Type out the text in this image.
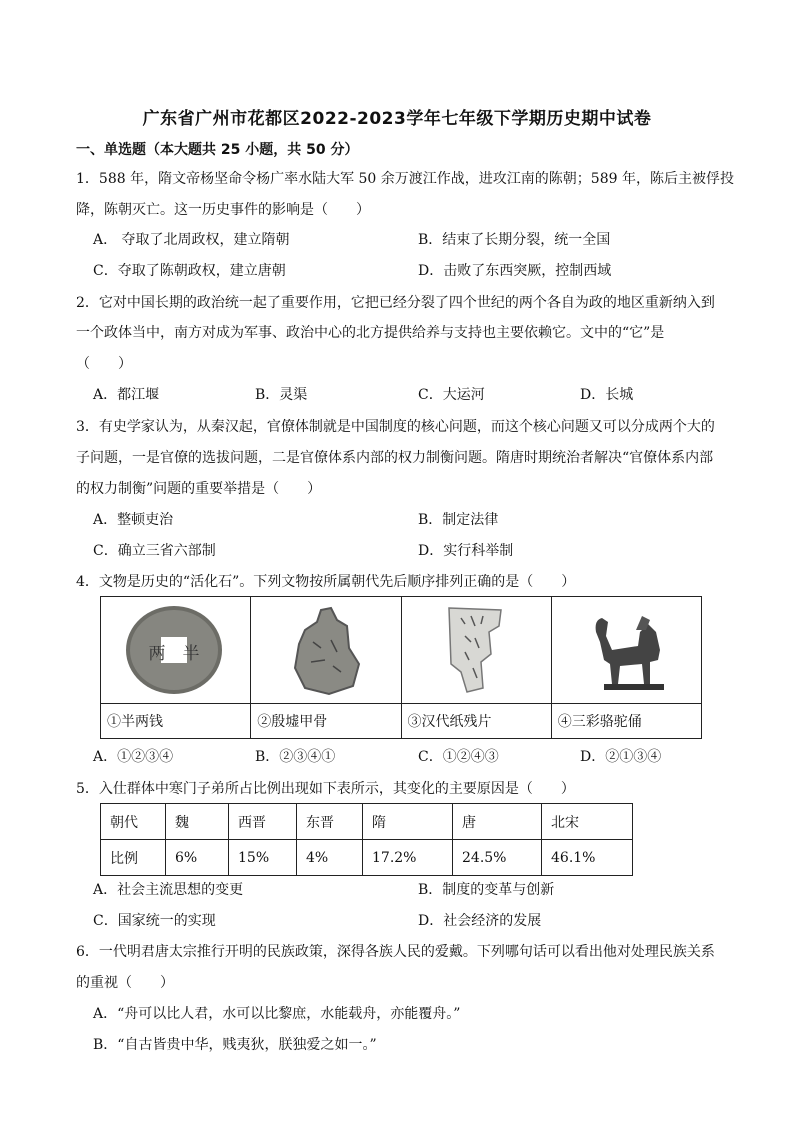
广东省广州市花都区2022-2023学年七年级下学期历史期中试卷
一、单选题（本大题共 25 小题，共 50 分）
1．588 年，隋文帝杨坚命令杨广率水陆大军 50 余万渡江作战，进攻江南的陈朝；589 年，陈后主被俘投
降，陈朝灭亡。这一历史事件的影响是（　　）
A． 夺取了北周政权，建立隋朝	B．结束了长期分裂，统一全国
C．夺取了陈朝政权，建立唐朝	D．击败了东西突厥，控制西域
2．它对中国长期的政治统一起了重要作用，它把已经分裂了四个世纪的两个各自为政的地区重新纳入到
一个政体当中，南方对成为军事、政治中心的北方提供给养与支持也主要依赖它。文中的“它”是
（　　）
A．都江堰	B．灵渠	C．大运河	D．长城
3．有史学家认为，从秦汉起，官僚体制就是中国制度的核心问题，而这个核心问题又可以分成两个大的
子问题，一是官僚的选拔问题，二是官僚体系内部的权力制衡问题。隋唐时期统治者解决“官僚体系内部
的权力制衡”问题的重要举措是（　　）
A．整顿吏治	B．制定法律
C．确立三省六部制	D．实行科举制
4．文物是历史的“活化石”。下列文物按所属朝代先后顺序排列正确的是（　　）
两　半

①半两钱	②殷墟甲骨	③汉代纸残片	④三彩骆驼俑
A．①②③④	B．②③④①	C．①②④③	D．②①③④
5．入仕群体中寒门子弟所占比例出现如下表所示，其变化的主要原因是（　　）
朝代	魏	西晋	东晋	隋	唐	北宋
比例	6%	15%	4%	17.2%	24.5%	46.1%
A．社会主流思想的变更	B．制度的变革与创新
C．国家统一的实现	D．社会经济的发展
6．一代明君唐太宗推行开明的民族政策，深得各族人民的爱戴。下列哪句话可以看出他对处理民族关系
的重视（　　）
A．“舟可以比人君，水可以比黎庶，水能载舟，亦能覆舟。”
B．“自古皆贵中华，贱夷狄，朕独爱之如一。”
